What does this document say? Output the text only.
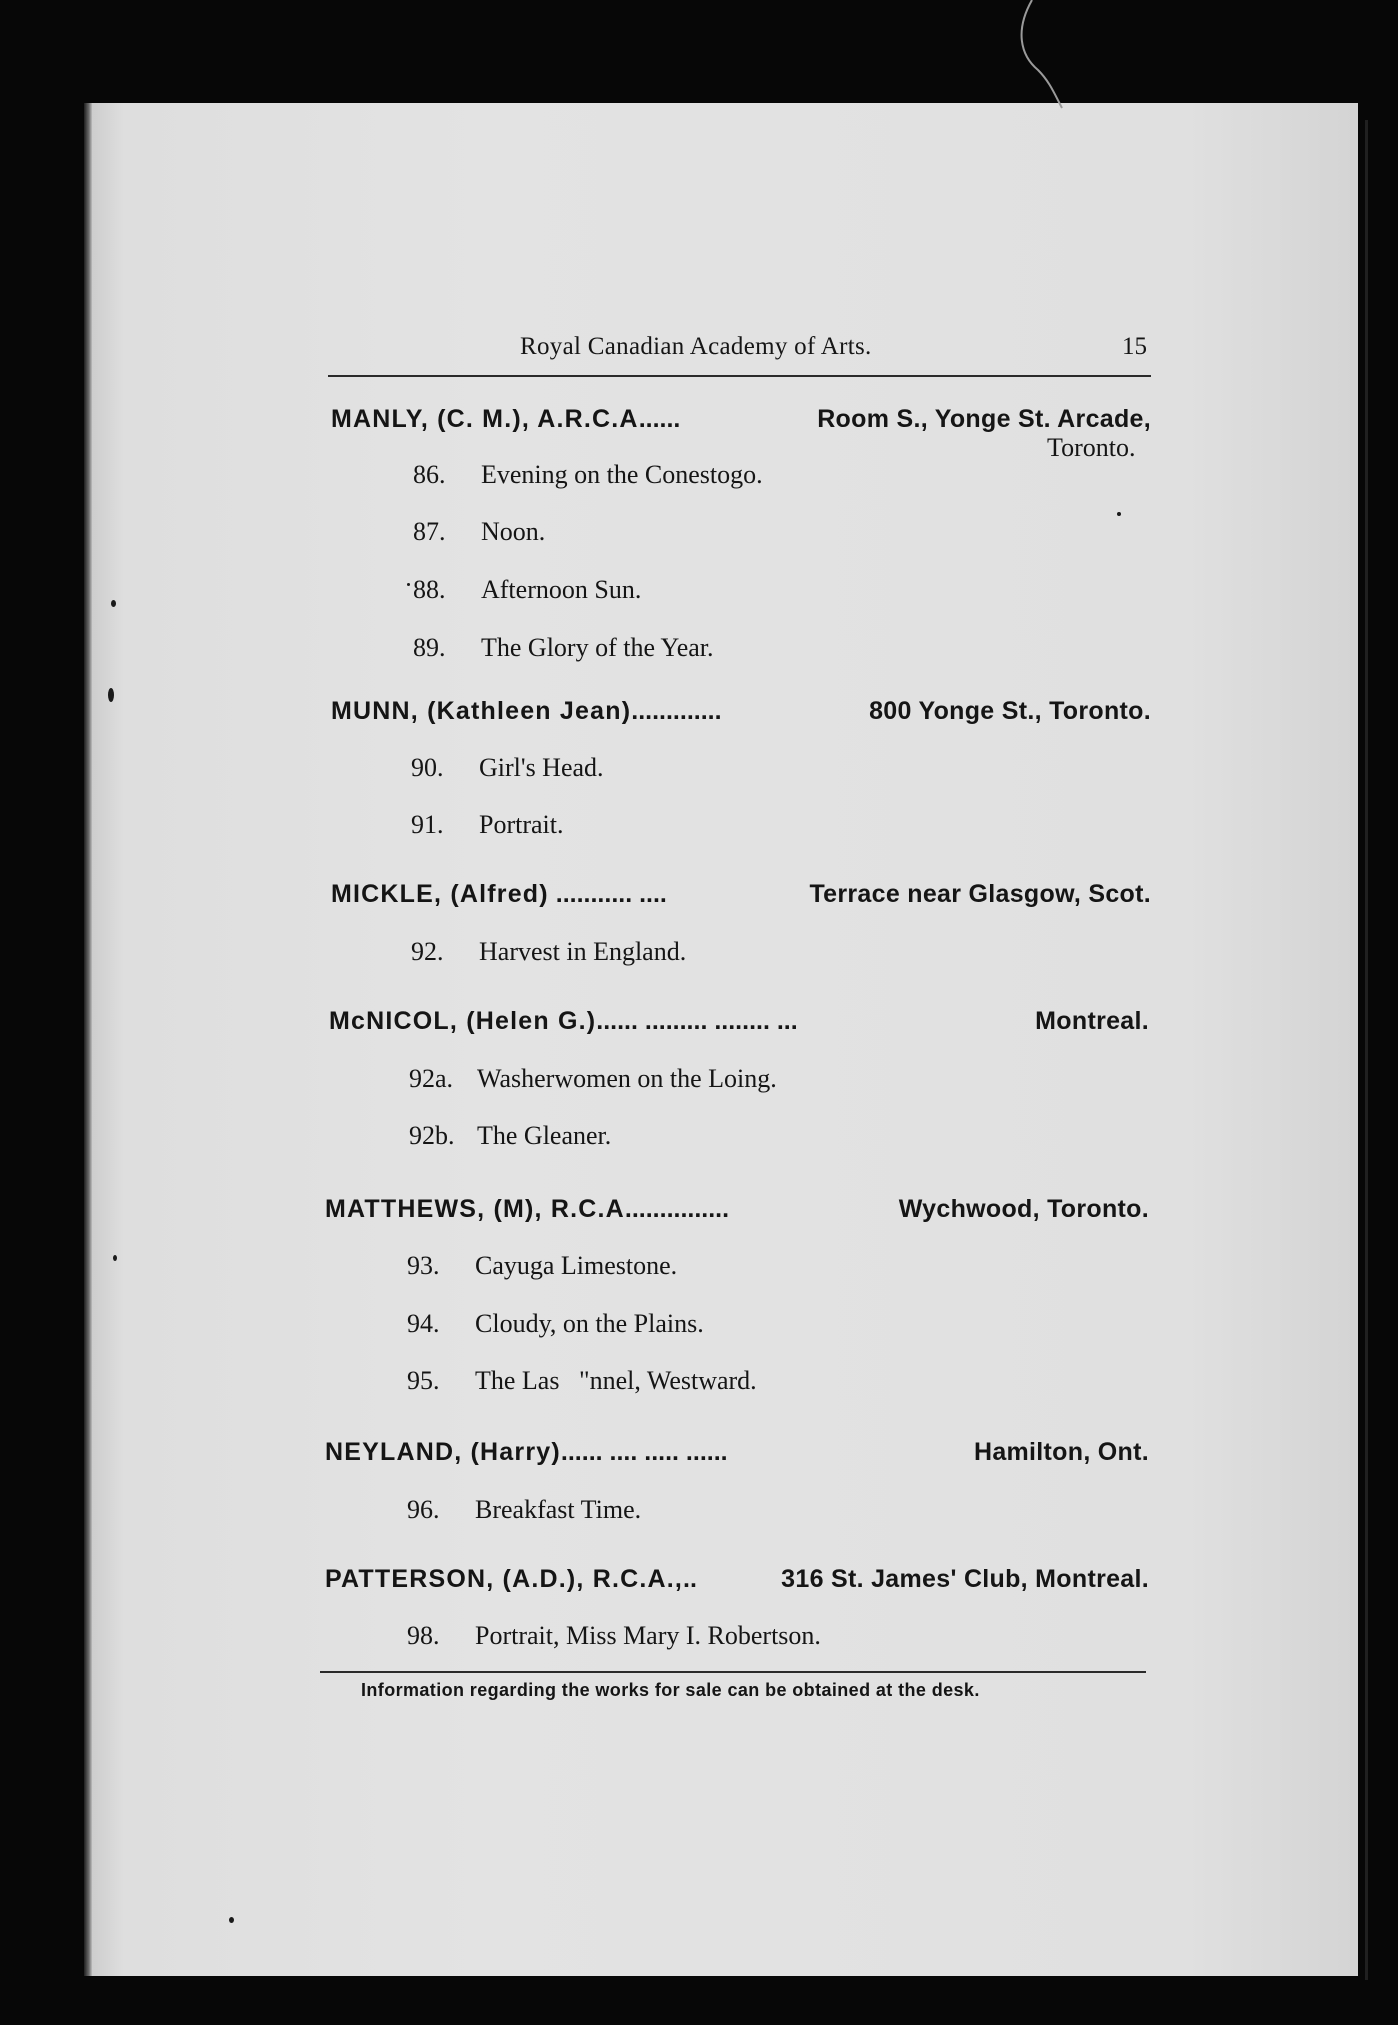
Royal Canadian Academy of Arts.	15
MANLY, (C. M.), A.R.C.A......	Room S., Yonge St. Arcade,
Toronto.
86. Evening on the Conestogo.
87. Noon.
88. Afternoon Sun.
89. The Glory of the Year.
MUNN, (Kathleen Jean).............	800 Yonge St., Toronto.
90. Girl's Head.
91. Portrait.
MICKLE, (Alfred) ........... ....	Terrace near Glasgow, Scot.
92. Harvest in England.
McNICOL, (Helen G.)...... ......... ........ ...	Montreal.
92a. Washerwomen on the Loing.
92b. The Gleaner.
MATTHEWS, (M), R.C.A...............	Wychwood, Toronto.
93. Cayuga Limestone.
94. Cloudy, on the Plains.
95. The Las   "nnel, Westward.
NEYLAND, (Harry)...... .... ..... ......	Hamilton, Ont.
96. Breakfast Time.
PATTERSON, (A.D.), R.C.A.,..	316 St. James' Club, Montreal.
98. Portrait, Miss Mary I. Robertson.
Information regarding the works for sale can be obtained at the desk.
